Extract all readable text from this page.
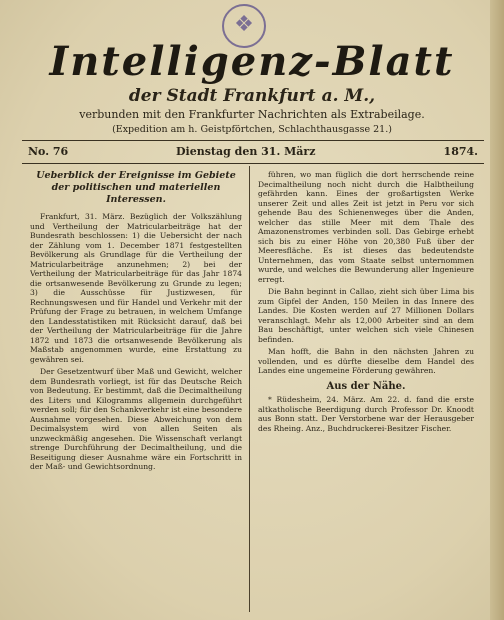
❖
Intelligenz-Blatt
der Stadt Frankfurt a. M.,
verbunden mit den Frankfurter Nachrichten als Extrabeilage.
(Expedition am h. Geistpförtchen, Schlachthausgasse 21.)
No. 76	Dienstag den 31. März	1874.
Ueberblick der Ereignisse im Gebiete der politischen und materiellen Interessen.

Frankfurt, 31. März. Bezüglich der Volkszählung und Vertheilung der Matricularbeiträge hat der Bundesrath beschlossen: 1) die Uebersicht der nach der Zählung vom 1. December 1871 festgestellten Bevölkerung als Grundlage für die Vertheilung der Matricularbeiträge anzunehmen; 2) bei der Vertheilung der Matricularbeiträge für das Jahr 1874 die ortsanwesende Bevölkerung zu Grunde zu legen; 3) die Ausschüsse für Justizwesen, für Rechnungswesen und für Handel und Verkehr mit der Prüfung der Frage zu betrauen, in welchem Umfange den Landesstatistiken mit Rücksicht darauf, daß bei der Vertheilung der Matricularbeiträge für die Jahre 1872 und 1873 die ortsanwesende Bevölkerung als Maßstab angenommen wurde, eine Erstattung zu gewähren sei.

Der Gesetzentwurf über Maß und Gewicht, welcher dem Bundesrath vorliegt, ist für das Deutsche Reich von Bedeutung. Er bestimmt, daß die Decimaltheilung des Liters und Kilogramms allgemein durchgeführt werden soll; für den Schankverkehr ist eine besondere Ausnahme vorgesehen. Diese Abweichung von dem Decimalsystem wird von allen Seiten als unzweckmäßig angesehen. Die Wissenschaft verlangt strenge Durchführung der Decimaltheilung, und die Beseitigung dieser Ausnahme wäre ein Fortschritt in der Maß- und Gewichtsordnung.

führen, wo man füglich die dort herrschende reine Decimaltheilung noch nicht durch die Halbtheilung gefährden kann. Eines der großartigsten Werke unserer Zeit und alles Zeit ist jetzt in Peru vor sich gehende Bau des Schienenweges über die Anden, welcher das stille Meer mit dem Thale des Amazonenstromes verbinden soll. Das Gebirge erhebt sich bis zu einer Höhe von 20,380 Fuß über der Meeresfläche. Es ist dieses das bedeutendste Unternehmen, das vom Staate selbst unternommen wurde, und welches die Bewunderung aller Ingenieure erregt.

Die Bahn beginnt in Callao, zieht sich über Lima bis zum Gipfel der Anden, 150 Meilen in das Innere des Landes. Die Kosten werden auf 27 Millionen Dollars veranschlagt. Mehr als 12,000 Arbeiter sind an dem Bau beschäftigt, unter welchen sich viele Chinesen befinden.

Man hofft, die Bahn in den nächsten Jahren zu vollenden, und es dürfte dieselbe dem Handel des Landes eine ungemeine Förderung gewähren.

Aus der Nähe.

* Rüdesheim, 24. März. Am 22. d. fand die erste altkatholische Beerdigung durch Professor Dr. Knoodt aus Bonn statt. Der Verstorbene war der Herausgeber des Rheing. Anz., Buchdruckerei-Besitzer Fischer.
